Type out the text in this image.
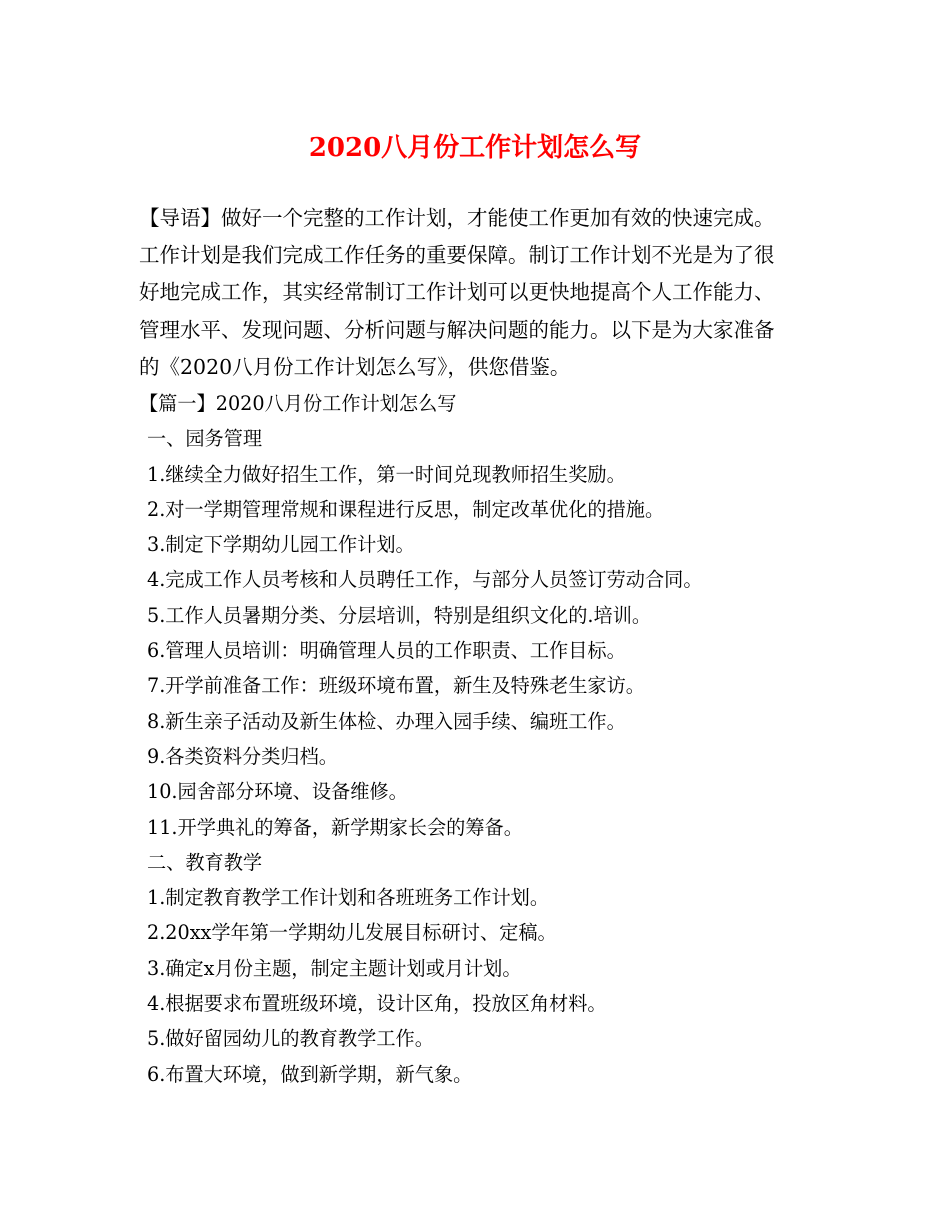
2020八月份工作计划怎么写

【导语】做好一个完整的工作计划，才能使工作更加有效的快速完成。

工作计划是我们完成工作任务的重要保障。制订工作计划不光是为了很

好地完成工作，其实经常制订工作计划可以更快地提高个人工作能力、

管理水平、发现问题、分析问题与解决问题的能力。以下是为大家准备

的《2020八月份工作计划怎么写》，供您借鉴。

【篇一】2020八月份工作计划怎么写

一、园务管理

1.继续全力做好招生工作，第一时间兑现教师招生奖励。

2.对一学期管理常规和课程进行反思，制定改革优化的措施。

3.制定下学期幼儿园工作计划。

4.完成工作人员考核和人员聘任工作，与部分人员签订劳动合同。

5.工作人员暑期分类、分层培训，特别是组织文化的.培训。

6.管理人员培训：明确管理人员的工作职责、工作目标。

7.开学前准备工作：班级环境布置，新生及特殊老生家访。

8.新生亲子活动及新生体检、办理入园手续、编班工作。

9.各类资料分类归档。

10.园舍部分环境、设备维修。

11.开学典礼的筹备，新学期家长会的筹备。

二、教育教学

1.制定教育教学工作计划和各班班务工作计划。

2.20xx学年第一学期幼儿发展目标研讨、定稿。

3.确定x月份主题，制定主题计划或月计划。

4.根据要求布置班级环境，设计区角，投放区角材料。

5.做好留园幼儿的教育教学工作。

6.布置大环境，做到新学期，新气象。
